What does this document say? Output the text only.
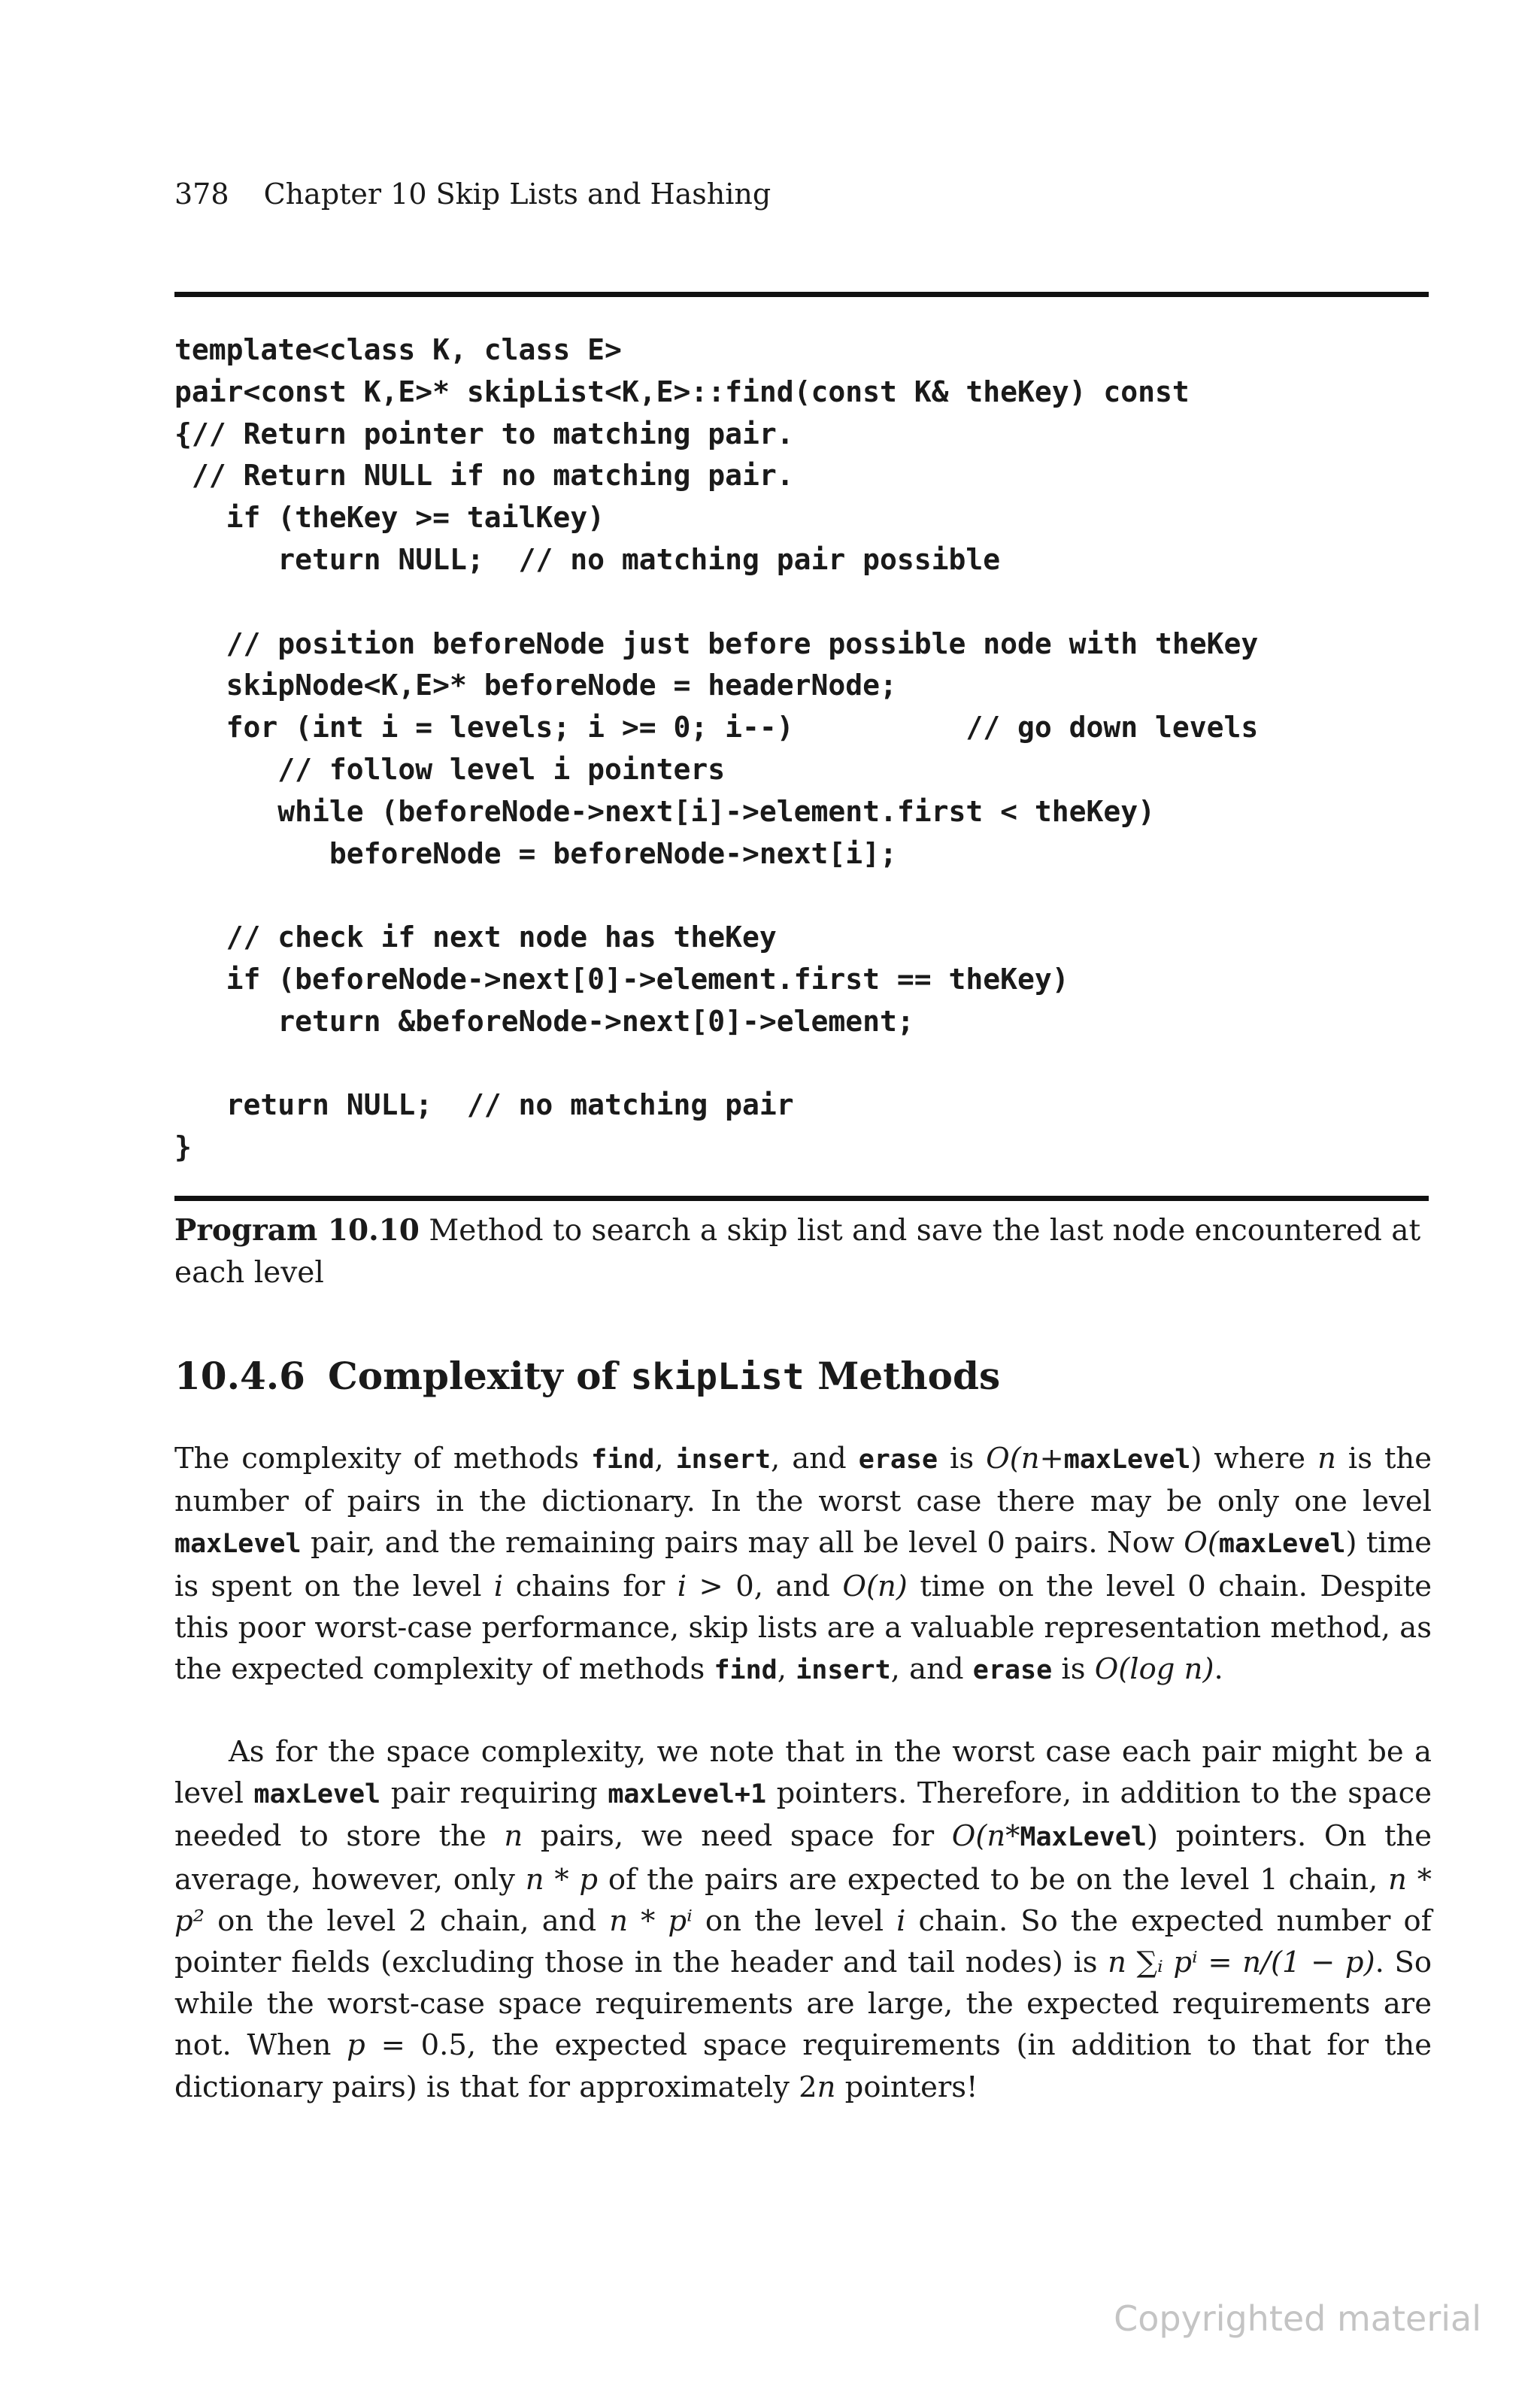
378 Chapter 10 Skip Lists and Hashing
template<class K, class E>
pair<const K,E>* skipList<K,E>::find(const K& theKey) const
{// Return pointer to matching pair.
// Return NULL if no matching pair.
if (theKey >= tailKey)
return NULL;  // no matching pair possible
// position beforeNode just before possible node with theKey
skipNode<K,E>* beforeNode = headerNode;
for (int i = levels; i >= 0; i--)          // go down levels
// follow level i pointers
while (beforeNode->next[i]->element.first < theKey)
beforeNode = beforeNode->next[i];
// check if next node has theKey
if (beforeNode->next[0]->element.first == theKey)
return &beforeNode->next[0]->element;
return NULL;  // no matching pair
}
Program 10.10 Method to search a skip list and save the last node encountered at each level
10.4.6 Complexity of skipList Methods
The complexity of methods find, insert, and erase is O(n+maxLevel) where n is the number of pairs in the dictionary. In the worst case there may be only one level maxLevel pair, and the remaining pairs may all be level 0 pairs. Now O(maxLevel) time is spent on the level i chains for i > 0, and O(n) time on the level 0 chain. Despite this poor worst-case performance, skip lists are a valuable representation method, as the expected complexity of methods find, insert, and erase is O(log n).
As for the space complexity, we note that in the worst case each pair might be a level maxLevel pair requiring maxLevel+1 pointers. Therefore, in addition to the space needed to store the n pairs, we need space for O(n*MaxLevel) pointers. On the average, however, only n * p of the pairs are expected to be on the level 1 chain, n * p² on the level 2 chain, and n * pⁱ on the level i chain. So the expected number of pointer fields (excluding those in the header and tail nodes) is n ∑ᵢ pⁱ = n/(1 − p). So while the worst-case space requirements are large, the expected requirements are not. When p = 0.5, the expected space requirements (in addition to that for the dictionary pairs) is that for approximately 2n pointers!
Copyrighted material
